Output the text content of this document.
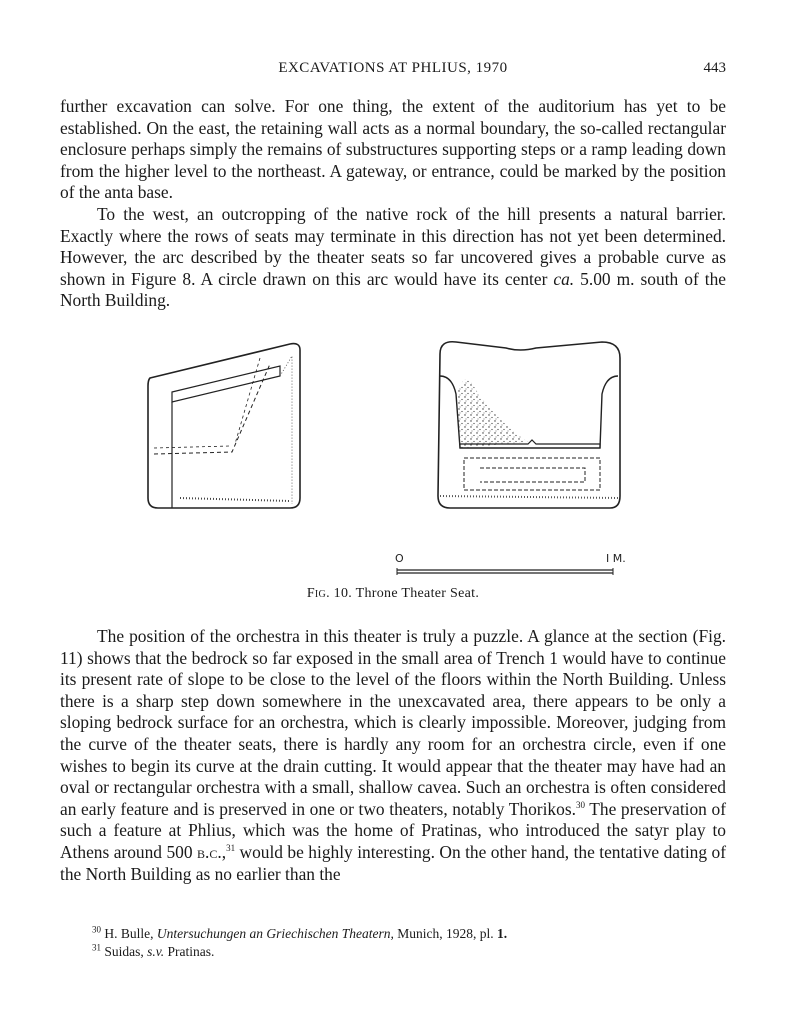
EXCAVATIONS AT PHLIUS, 1970	443

further excavation can solve. For one thing, the extent of the auditorium has yet to be established. On the east, the retaining wall acts as a normal boundary, the so-called rectangular enclosure perhaps simply the remains of substructures supporting steps or a ramp leading down from the higher level to the northeast. A gateway, or entrance, could be marked by the position of the anta base.

To the west, an outcropping of the native rock of the hill presents a natural barrier. Exactly where the rows of seats may terminate in this direction has not yet been determined. However, the arc described by the theater seats so far uncovered gives a probable curve as shown in Figure 8. A circle drawn on this arc would have its center ca. 5.00 m. south of the North Building.

O	I M.
Fig. 10. Throne Theater Seat.

The position of the orchestra in this theater is truly a puzzle. A glance at the section (Fig. 11) shows that the bedrock so far exposed in the small area of Trench 1 would have to continue its present rate of slope to be close to the level of the floors within the North Building. Unless there is a sharp step down somewhere in the unexcavated area, there appears to be only a sloping bedrock surface for an orchestra, which is clearly impossible. Moreover, judging from the curve of the theater seats, there is hardly any room for an orchestra circle, even if one wishes to begin its curve at the drain cutting. It would appear that the theater may have had an oval or rectangular orchestra with a small, shallow cavea. Such an orchestra is often considered an early feature and is preserved in one or two theaters, notably Thorikos.$^{30}$ The preservation of such a feature at Phlius, which was the home of Pratinas, who introduced the satyr play to Athens around 500 b.c.,$^{31}$ would be highly interesting. On the other hand, the tentative dating of the North Building as no earlier than the

$^{30}$ H. Bulle, Untersuchungen an Griechischen Theatern, Munich, 1928, pl. 1.

$^{31}$ Suidas, s.v. Pratinas.
